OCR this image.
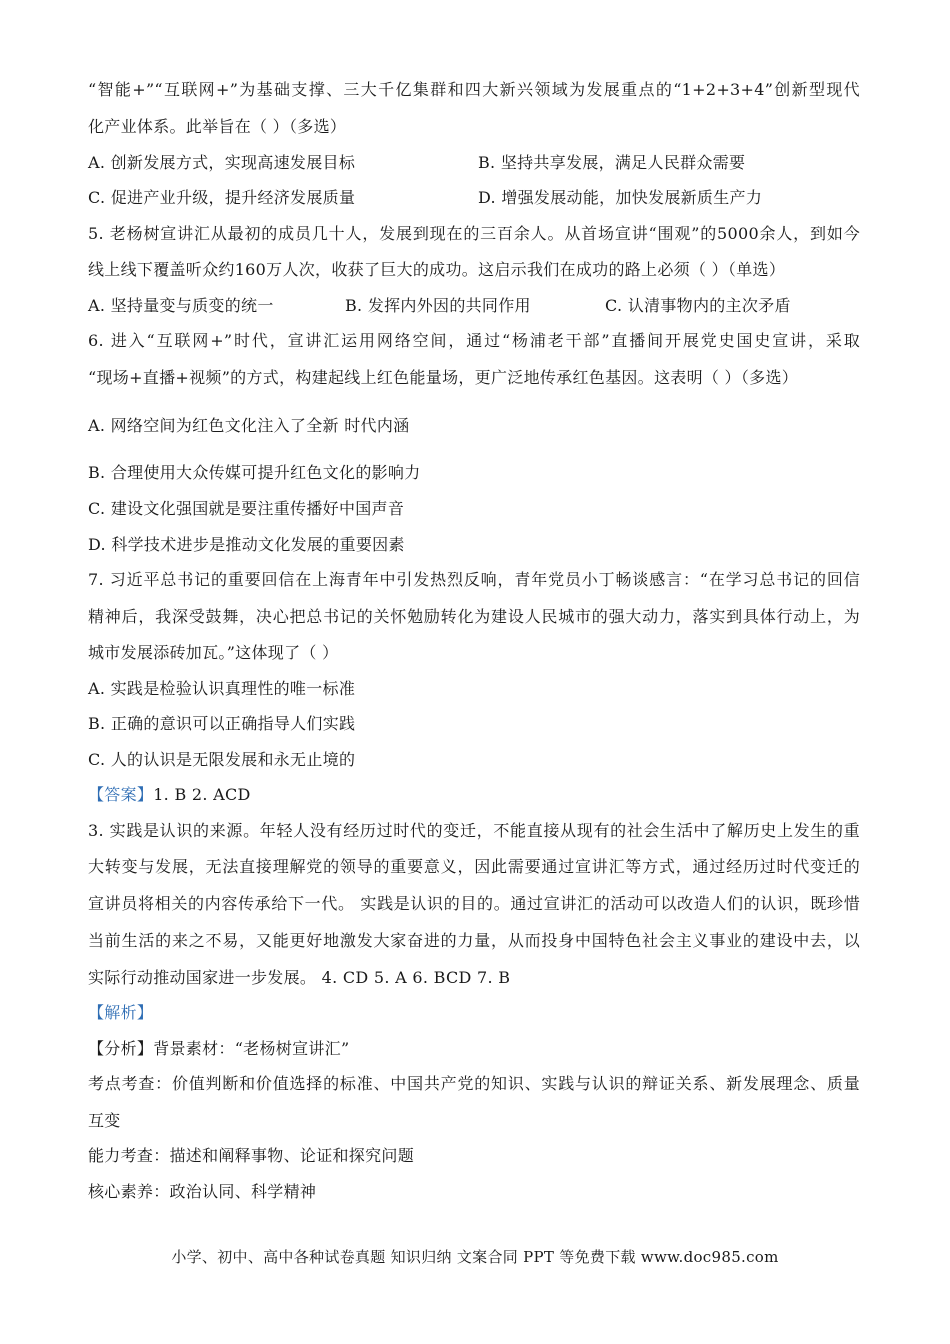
“智能+”“互联网+”为基础支撑、三大千亿集群和四大新兴领域为发展重点的“1+2+3+4”创新型现代
化产业体系。此举旨在（ ）（多选）
A. 创新发展方式，实现高速发展目标	B. 坚持共享发展，满足人民群众需要
C. 促进产业升级，提升经济发展质量	D. 增强发展动能，加快发展新质生产力
5. 老杨树宣讲汇从最初的成员几十人，发展到现在的三百余人。从首场宣讲“围观”的5000余人，到如今
线上线下覆盖听众约160万人次，收获了巨大的成功。这启示我们在成功的路上必须（ ）（单选）
A. 坚持量变与质变的统一	B. 发挥内外因的共同作用	C. 认清事物内的主次矛盾
6. 进入“互联网+”时代，宣讲汇运用网络空间，通过“杨浦老干部”直播间开展党史国史宣讲，采取
“现场+直播+视频”的方式，构建起线上红色能量场，更广泛地传承红色基因。这表明（ ）（多选）
A. 网络空间为红色文化注入了全新 时代内涵
B. 合理使用大众传媒可提升红色文化的影响力
C. 建设文化强国就是要注重传播好中国声音
D. 科学技术进步是推动文化发展的重要因素
7. 习近平总书记的重要回信在上海青年中引发热烈反响，青年党员小丁畅谈感言：“在学习总书记的回信
精神后，我深受鼓舞，决心把总书记的关怀勉励转化为建设人民城市的强大动力，落实到具体行动上，为
城市发展添砖加瓦。”这体现了（ ）
A. 实践是检验认识真理性的唯一标准
B. 正确的意识可以正确指导人们实践
C. 人的认识是无限发展和永无止境的
【答案】1. B 2. ACD
3. 实践是认识的来源。年轻人没有经历过时代的变迁，不能直接从现有的社会生活中了解历史上发生的重
大转变与发展，无法直接理解党的领导的重要意义，因此需要通过宣讲汇等方式，通过经历过时代变迁的
宣讲员将相关的内容传承给下一代。 实践是认识的目的。通过宣讲汇的活动可以改造人们的认识，既珍惜
当前生活的来之不易，又能更好地激发大家奋进的力量，从而投身中国特色社会主义事业的建设中去，以
实际行动推动国家进一步发展。 4. CD 5. A 6. BCD 7. B
【解析】
【分析】背景素材：“老杨树宣讲汇”
考点考查：价值判断和价值选择的标准、中国共产党的知识、实践与认识的辩证关系、新发展理念、质量
互变
能力考查：描述和阐释事物、论证和探究问题
核心素养：政治认同、科学精神
小学、初中、高中各种试卷真题 知识归纳 文案合同 PPT 等免费下载 www.doc985.com
